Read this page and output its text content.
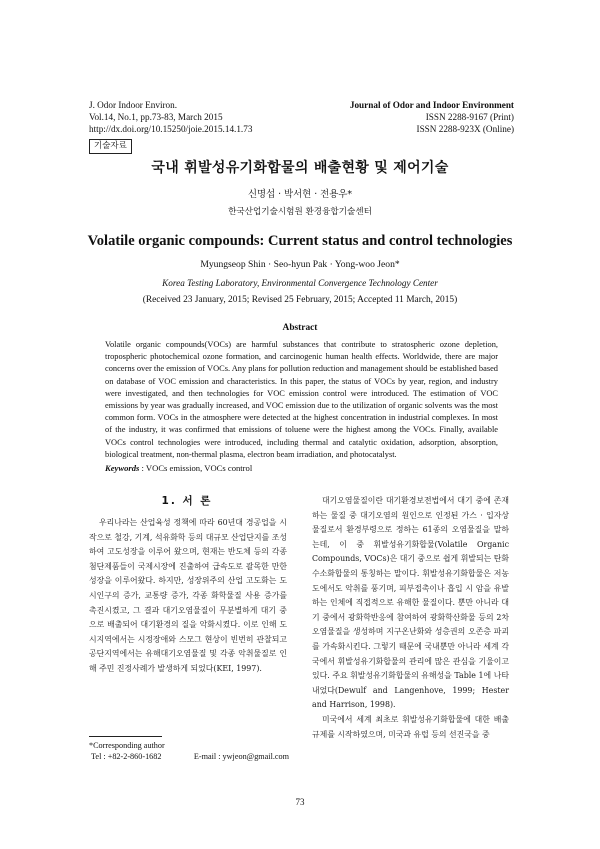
J. Odor Indoor Environ.
Vol.14, No.1, pp.73-83, March 2015
http://dx.doi.org/10.15250/joie.2015.14.1.73
Journal of Odor and Indoor Environment
ISSN 2288-9167 (Print)
ISSN 2288-923X (Online)
기술자료
국내 휘발성유기화합물의 배출현황 및 제어기술
신명섭 · 박서현 · 전용우*
한국산업기술시험원 환경융합기술센터
Volatile organic compounds: Current status and control technologies
Myungseop Shin · Seo-hyun Pak · Yong-woo Jeon*
Korea Testing Laboratory, Environmental Convergence Technology Center
(Received 23 January, 2015; Revised 25 February, 2015; Accepted 11 March, 2015)
Abstract
Volatile organic compounds(VOCs) are harmful substances that contribute to stratospheric ozone depletion, tropospheric photochemical ozone formation, and carcinogenic human health effects. Worldwide, there are major concerns over the emission of VOCs. Any plans for pollution reduction and management should be established based on database of VOC emission and characteristics. In this paper, the status of VOCs by year, region, and industry were investigated, and then technologies for VOC emission control were introduced. The estimation of VOC emissions by year was gradually increased, and VOC emission due to the utilization of organic solvents was the most common form. VOCs in the atmosphere were detected at the highest concentration in industrial complexes. In most of the industry, it was confirmed that emissions of toluene were the highest among the VOCs. Finally, available VOCs control technologies were introduced, including thermal and catalytic oxidation, adsorption, absorption, biological treatment, non-thermal plasma, electron beam irradiation, and photocatalyst.
Keywords : VOCs emission, VOCs control
1. 서 론

우리나라는 산업육성 정책에 따라 60년대 경공업을 시작으로 철강, 기계, 석유화학 등의 대규모 산업단지를 조성하여 고도성장을 이루어 왔으며, 현재는 반도체 등의 각종 첨단제품들이 국제시장에 진출하여 급속도로 괄목한 만한 성장을 이루어왔다. 하지만, 성장위주의 산업 고도화는 도시인구의 증가, 교통량 증가, 각종 화학물질 사용 증가를 촉진시켰고, 그 결과 대기오염물질이 무분별하게 대기 중으로 배출되어 대기환경의 질을 악화시켰다. 이로 인해 도시지역에서는 시정장애와 스모그 현상이 빈번히 관찰되고 공단지역에서는 유해대기오염물질 및 각종 악취물질로 인해 주민 진정사례가 발생하게 되었다(KEI, 1997).

대기오염물질이란 대기환경보전법에서 대기 중에 존재하는 물질 중 대기오염의 원인으로 인정된 가스 · 입자상 물질로서 환경부령으로 정하는 61종의 오염물질을 말하는데, 이 중 휘발성유기화합물(Volatile Organic Compounds, VOCs)은 대기 중으로 쉽게 휘발되는 탄화수소화합물의 통칭하는 말이다. 휘발성유기화합물은 저농도에서도 악취를 풍기며, 피부접촉이나 흡입 시 암을 유발하는 인체에 직접적으로 유해한 물질이다. 뿐만 아니라 대기 중에서 광화학반응에 참여하여 광화학산화물 등의 2차 오염물질을 생성하며 지구온난화와 성층권의 오존층 파괴를 가속화시킨다. 그렇기 때문에 국내뿐만 아니라 세계 각국에서 휘발성유기화합물의 관리에 많은 관심을 기울이고 있다. 주요 휘발성유기화합물의 유해성을 Table 1에 나타내었다(Dewulf and Langenhove, 1999; Hester and Harrison, 1998).

미국에서 세계 최초로 휘발성유기화합물에 대한 배출규제를 시작하였으며, 미국과 유럽 등의 선진국을 중

*Corresponding author
Tel : +82-2-860-1682	E-mail : ywjeon@gmail.com
73
